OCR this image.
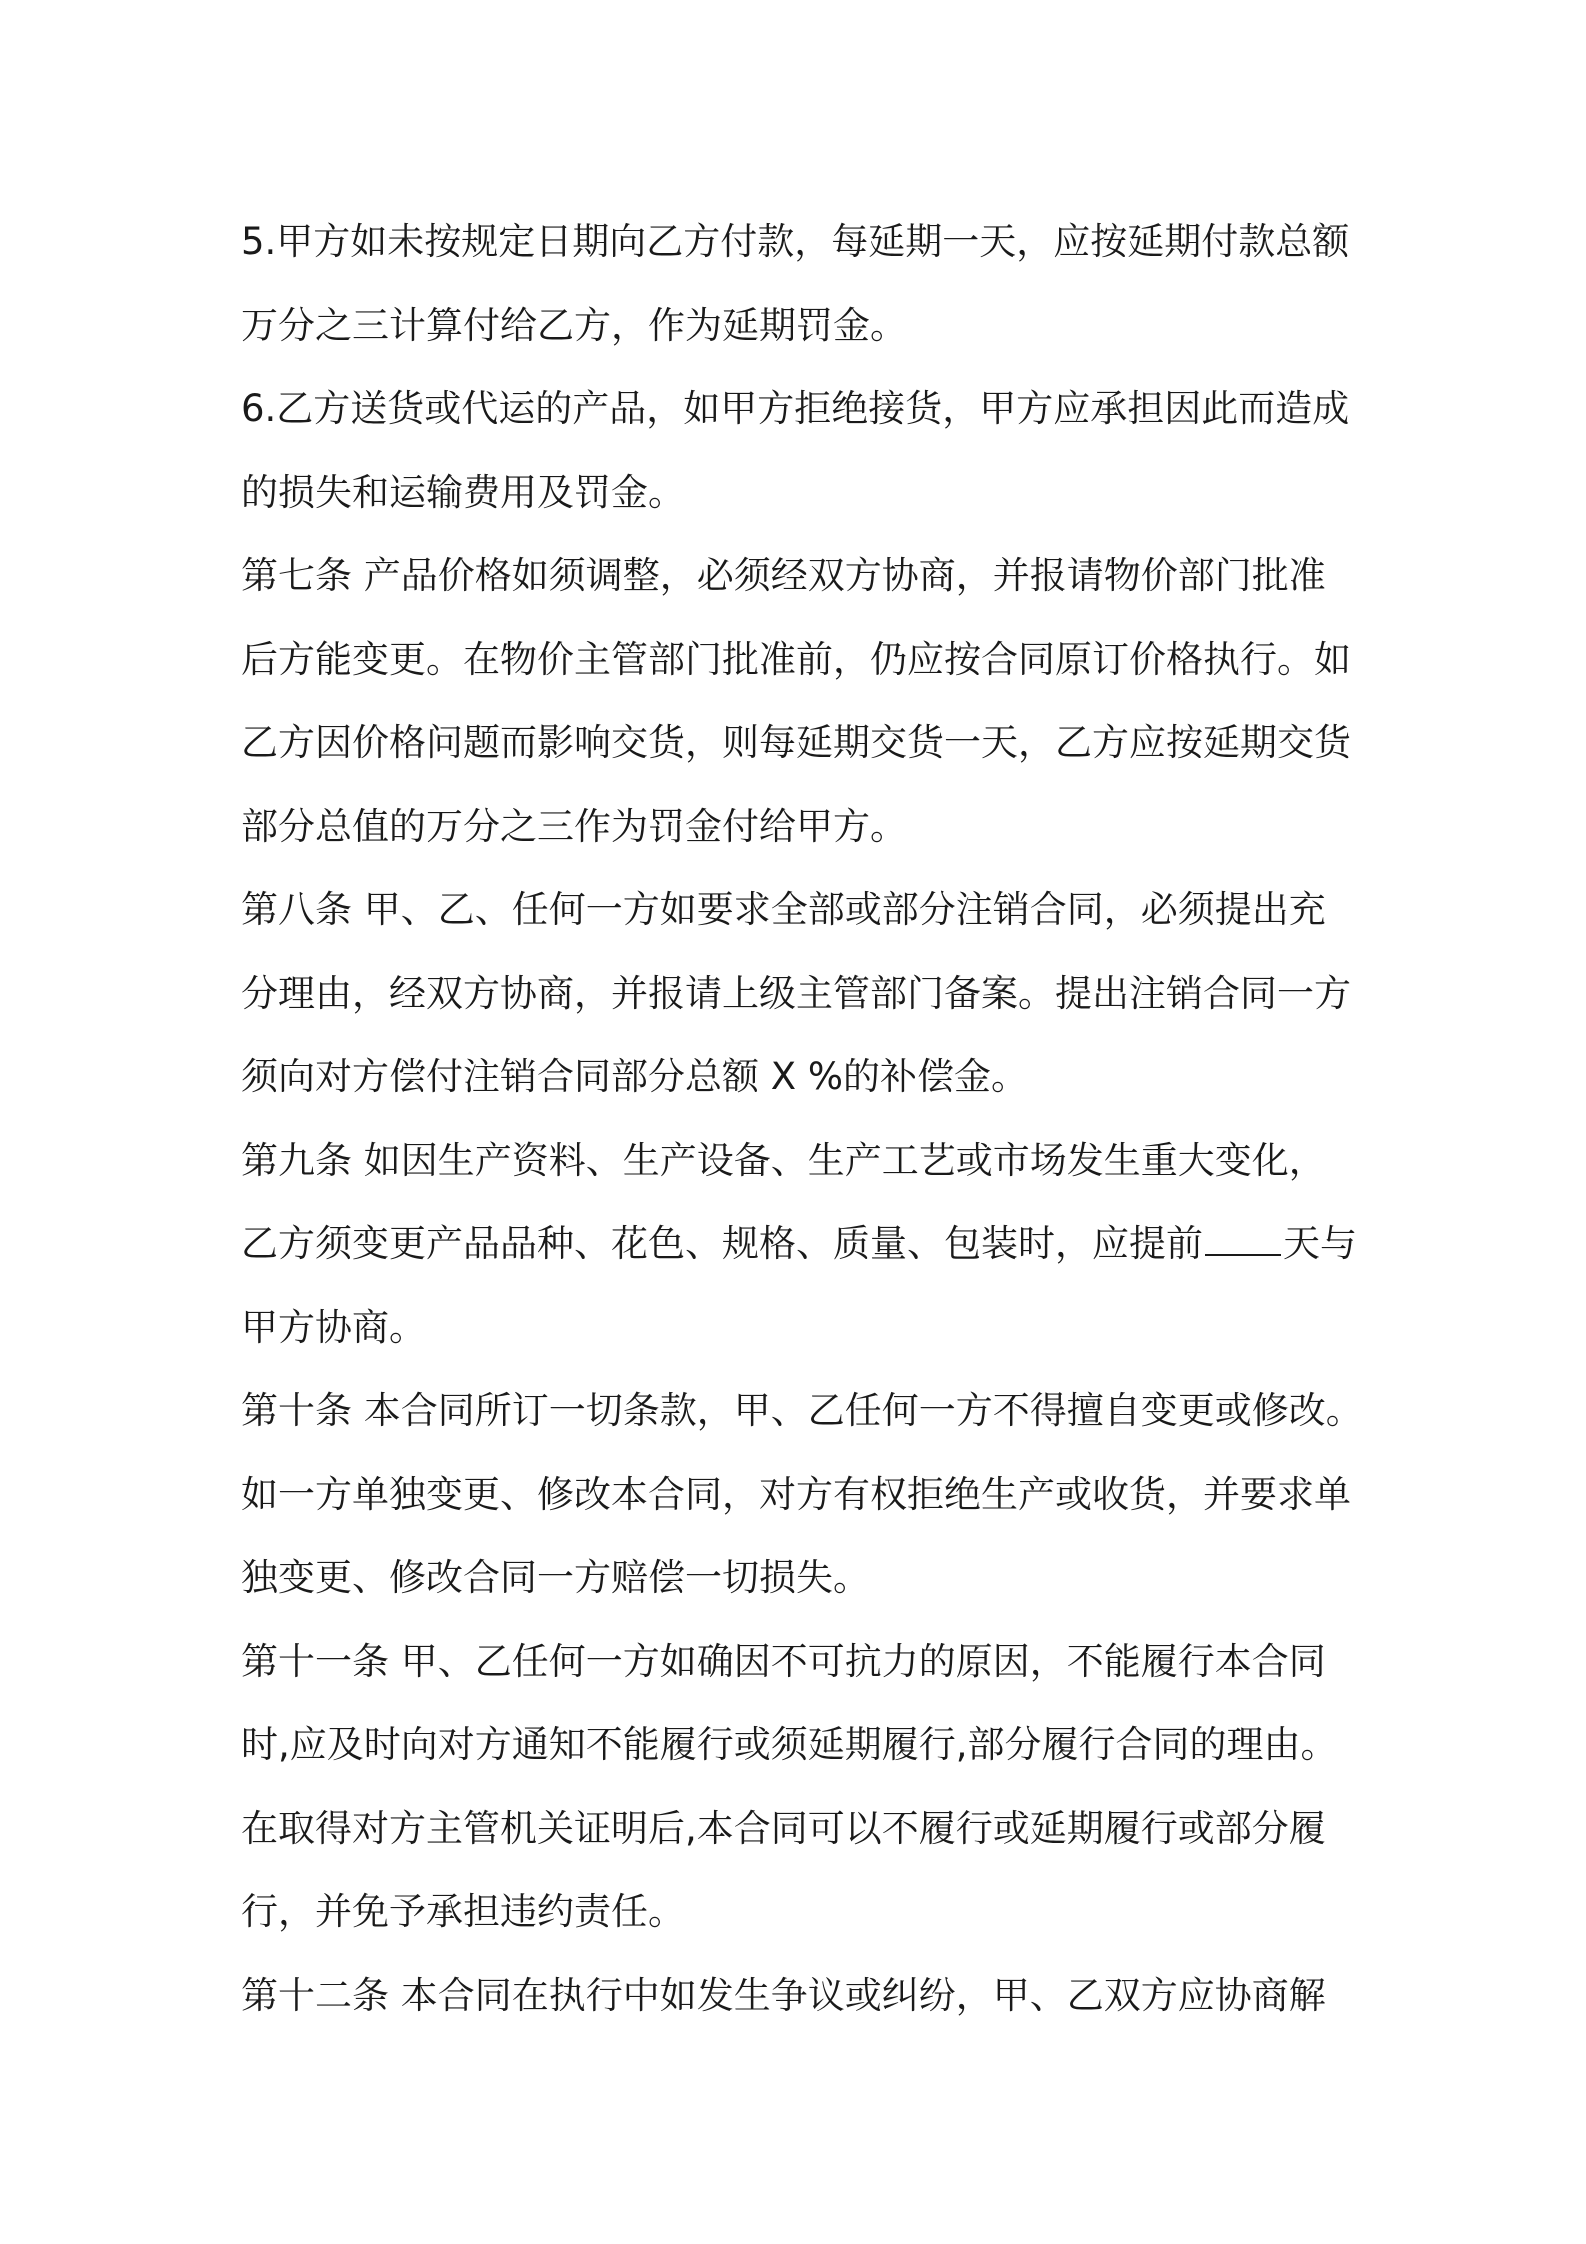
5.甲方如未按规定日期向乙方付款，每延期一天，应按延期付款总额
万分之三计算付给乙方，作为延期罚金。
6.乙方送货或代运的产品，如甲方拒绝接货，甲方应承担因此而造成
的损失和运输费用及罚金。
第七条 产品价格如须调整，必须经双方协商，并报请物价部门批准
后方能变更。在物价主管部门批准前，仍应按合同原订价格执行。如
乙方因价格问题而影响交货，则每延期交货一天，乙方应按延期交货
部分总值的万分之三作为罚金付给甲方。
第八条 甲、乙、任何一方如要求全部或部分注销合同，必须提出充
分理由，经双方协商，并报请上级主管部门备案。提出注销合同一方
须向对方偿付注销合同部分总额 X %的补偿金。
第九条 如因生产资料、生产设备、生产工艺或市场发生重大变化，
乙方须变更产品品种、花色、规格、质量、包装时，应提前 天与
甲方协商。
第十条 本合同所订一切条款，甲、乙任何一方不得擅自变更或修改。
如一方单独变更、修改本合同，对方有权拒绝生产或收货，并要求单
独变更、修改合同一方赔偿一切损失。
第十一条 甲、乙任何一方如确因不可抗力的原因，不能履行本合同
时,应及时向对方通知不能履行或须延期履行,部分履行合同的理由。
在取得对方主管机关证明后,本合同可以不履行或延期履行或部分履
行，并免予承担违约责任。
第十二条 本合同在执行中如发生争议或纠纷，甲、乙双方应协商解
